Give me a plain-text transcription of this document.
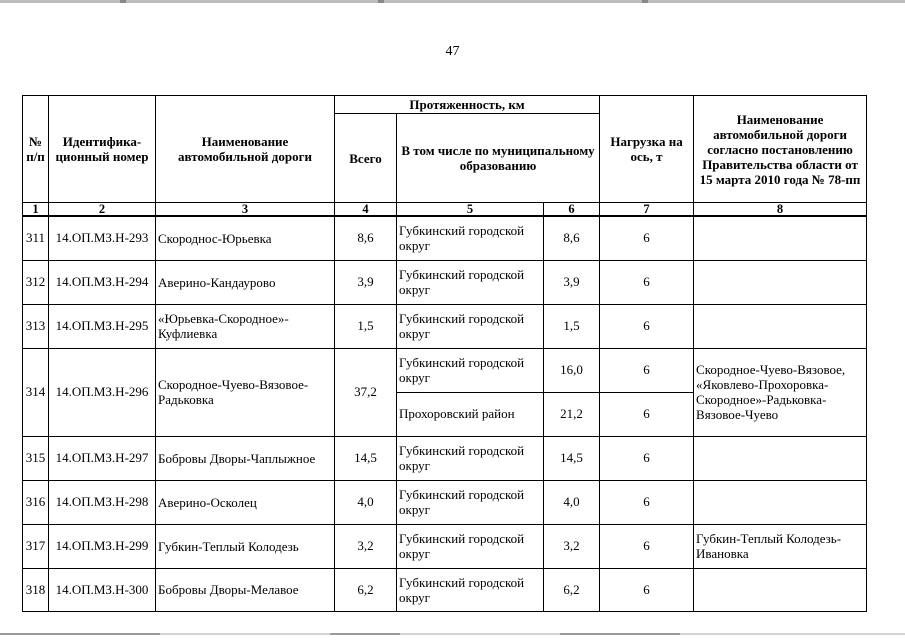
47
№ п/п	Идентифика-ционный номер	Наименование автомобильной дороги	Протяженность, км			Нагрузка на ось, т	Наименование автомобильной дороги согласно постановлению Правительства области от 15 марта 2010 года № 78-пп
			Всего	В том числе по муниципальному образованию			
1	2	3	4	5	6	7	8
311	14.ОП.МЗ.Н-293	Скороднос-Юрьевка	8,6	Губкинский городской округ	8,6	6	
312	14.ОП.МЗ.Н-294	Аверино-Кандаурово	3,9	Губкинский городской округ	3,9	6	
313	14.ОП.МЗ.Н-295	«Юрьевка-Скородное»-Куфлиевка	1,5	Губкинский городской округ	1,5	6	
314	14.ОП.МЗ.Н-296	Скородное-Чуево-Вязовое-Радьковка	37,2	Губкинский городской округ	16,0	6	Скородное-Чуево-Вязовое, «Яковлево-Прохоровка-Скородное»-Радьковка-Вязовое-Чуево
				Прохоровский район	21,2	6	
315	14.ОП.МЗ.Н-297	Бобровы Дворы-Чаплыжное	14,5	Губкинский городской округ	14,5	6	
316	14.ОП.МЗ.Н-298	Аверино-Осколец	4,0	Губкинский городской округ	4,0	6	
317	14.ОП.МЗ.Н-299	Губкин-Теплый Колодезь	3,2	Губкинский городской округ	3,2	6	Губкин-Теплый Колодезь-Ивановка
318	14.ОП.МЗ.Н-300	Бобровы Дворы-Мелавое	6,2	Губкинский городской округ	6,2	6	
